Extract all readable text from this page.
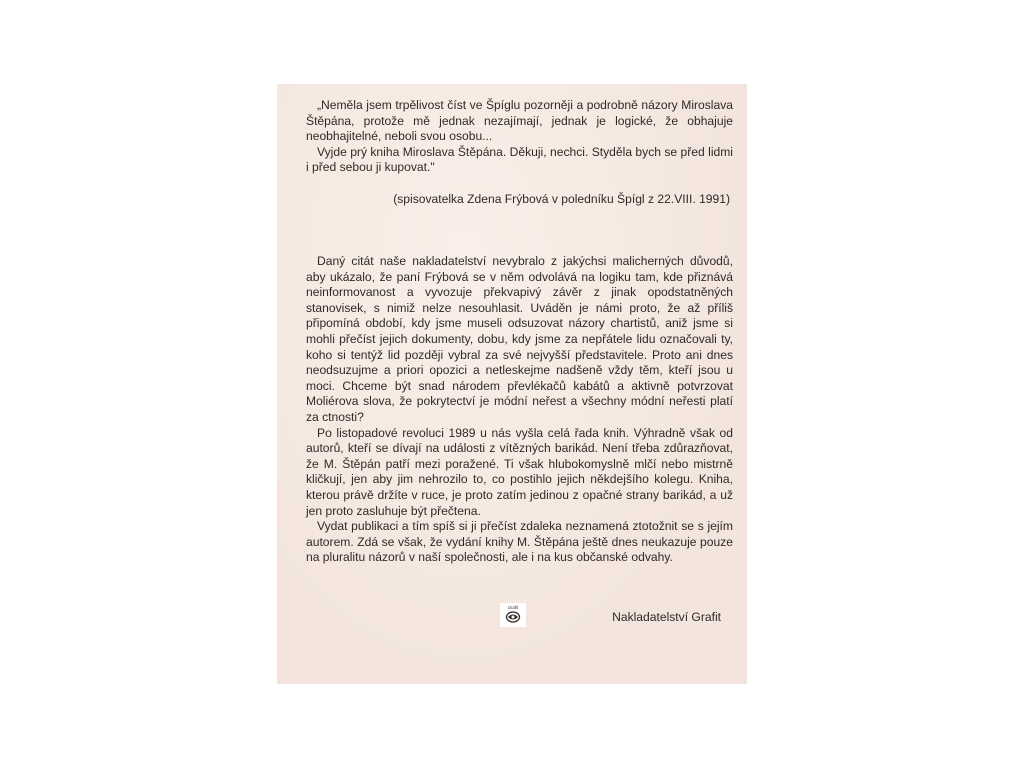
„Neměla jsem trpělivost číst ve Špíglu pozorněji a podrobně názory Miroslava Štěpána, protože mě jednak nezajímají, jednak je logické, že obhajuje neobhajitelné, neboli svou osobu...

Vyjde prý kniha Miroslava Štěpána. Děkuji, nechci. Styděla bych se před lidmi i před sebou ji kupovat."

(spisovatelka Zdena Frýbová v poledníku Špígl z 22.VIII. 1991)

Daný citát naše nakladatelství nevybralo z jakýchsi malicherných důvodů, aby ukázalo, že paní Frýbová se v něm odvolává na logiku tam, kde přiznává neinformovanost a vyvozuje překvapivý závěr z jinak opodstatněných stanovisek, s nimiž nelze nesouhlasit. Uváděn je námi proto, že až příliš připomíná období, kdy jsme museli odsuzovat názory chartistů, aniž jsme si mohli přečíst jejich dokumenty, dobu, kdy jsme za nepřátele lidu označovali ty, koho si tentýž lid později vybral za své nejvyšší představitele. Proto ani dnes neodsuzujme a priori opozici a netleskejme nadšeně vždy těm, kteří jsou u moci. Chceme být snad národem převlékačů kabátů a aktivně potvrzovat Moliérova slova, že pokrytectví je módní neřest a všechny módní neřesti platí za ctnosti?

Po listopadové revoluci 1989 u nás vyšla celá řada knih. Výhradně však od autorů, kteří se dívají na události z vítězných barikád. Není třeba zdůrazňovat, že M. Štěpán patří mezi poražené. Ti však hlubokomyslně mlčí nebo mistrně kličkují, jen aby jim nehrozilo to, co postihlo jejich někdejšího kolegu. Kniha, kterou právě držíte v ruce, je proto zatím jedinou z opačné strany barikád, a už jen proto zasluhuje být přečtena.

Vydat publikaci a tím spíš si ji přečíst zdaleka neznamená ztotožnit se s jejím autorem. Zdá se však, že vydání knihy M. Štěpána ještě dnes neukazuje pouze na pluralitu názorů v naší společnosti, ale i na kus občanské odvahy.

Grafit
Nakladatelství Grafit
